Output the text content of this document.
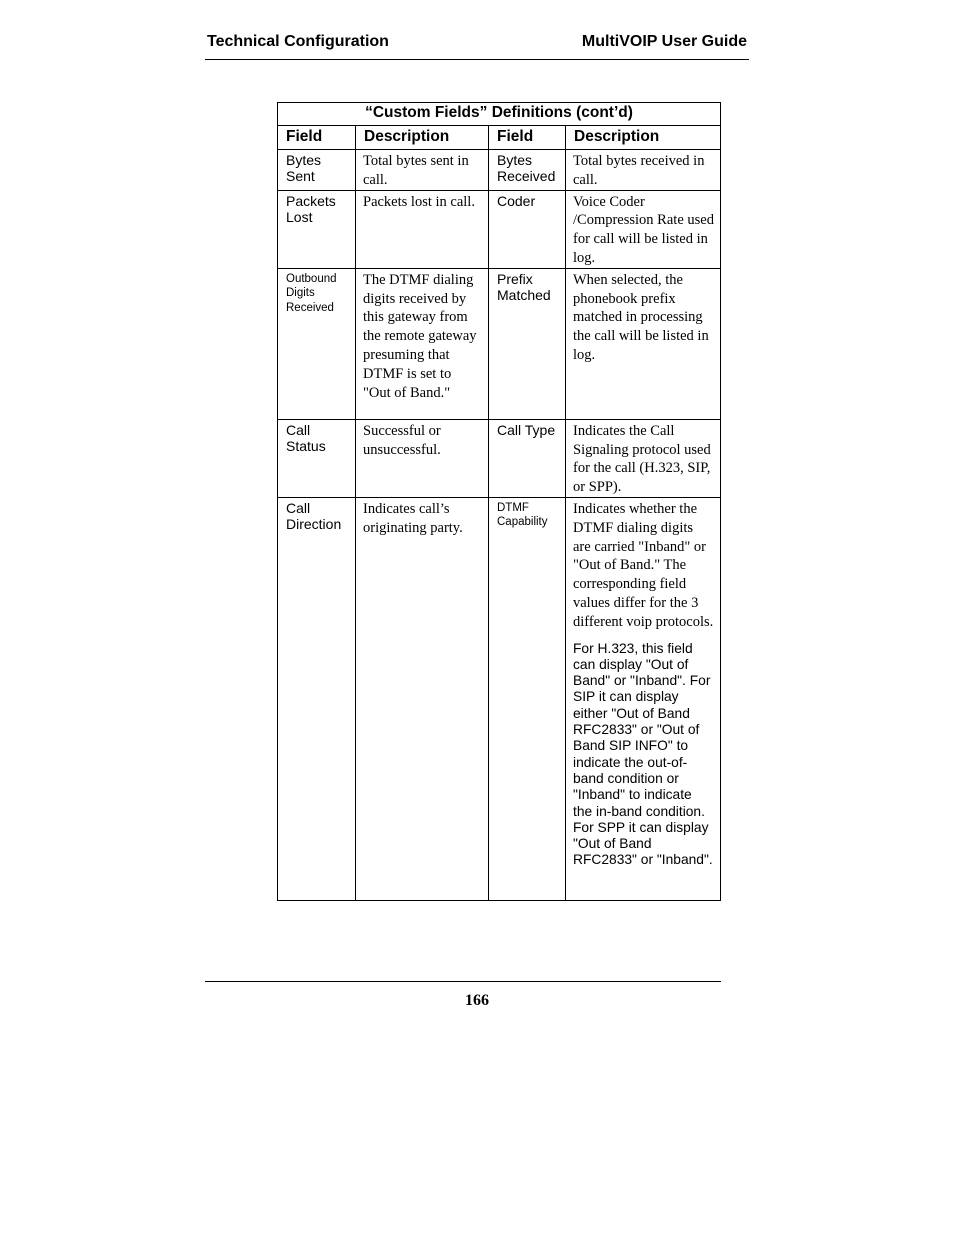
Technical Configuration	MultiVOIP User Guide
“Custom Fields” Definitions (cont’d)			
Field	Description	Field	Description
Bytes Sent	Total bytes sent in call.	Bytes Received	Total bytes received in call.
Packets Lost	Packets lost in call.	Coder	Voice Coder /Compression Rate used for call will be listed in log.
Outbound Digits Received	The DTMF dialing digits received by this gateway from the remote gateway presuming that DTMF is set to "Out of Band."	Prefix Matched	When selected, the phonebook prefix matched in processing the call will be listed in log.
Call Status	Successful or unsuccessful.	Call Type	Indicates the Call Signaling protocol used for the call (H.323, SIP, or SPP).
Call Direction	Indicates call’s originating party.	DTMF Capability	Indicates whether the DTMF dialing digits are carried "Inband" or "Out of Band." The corresponding field values differ for the 3 different voip protocols.
For H.323, this field can display "Out of Band" or "Inband". For SIP it can display either "Out of Band RFC2833" or "Out of Band SIP INFO" to indicate the out-of-band condition or "Inband" to indicate the in-band condition. For SPP it can display "Out of Band RFC2833" or "Inband".
166
